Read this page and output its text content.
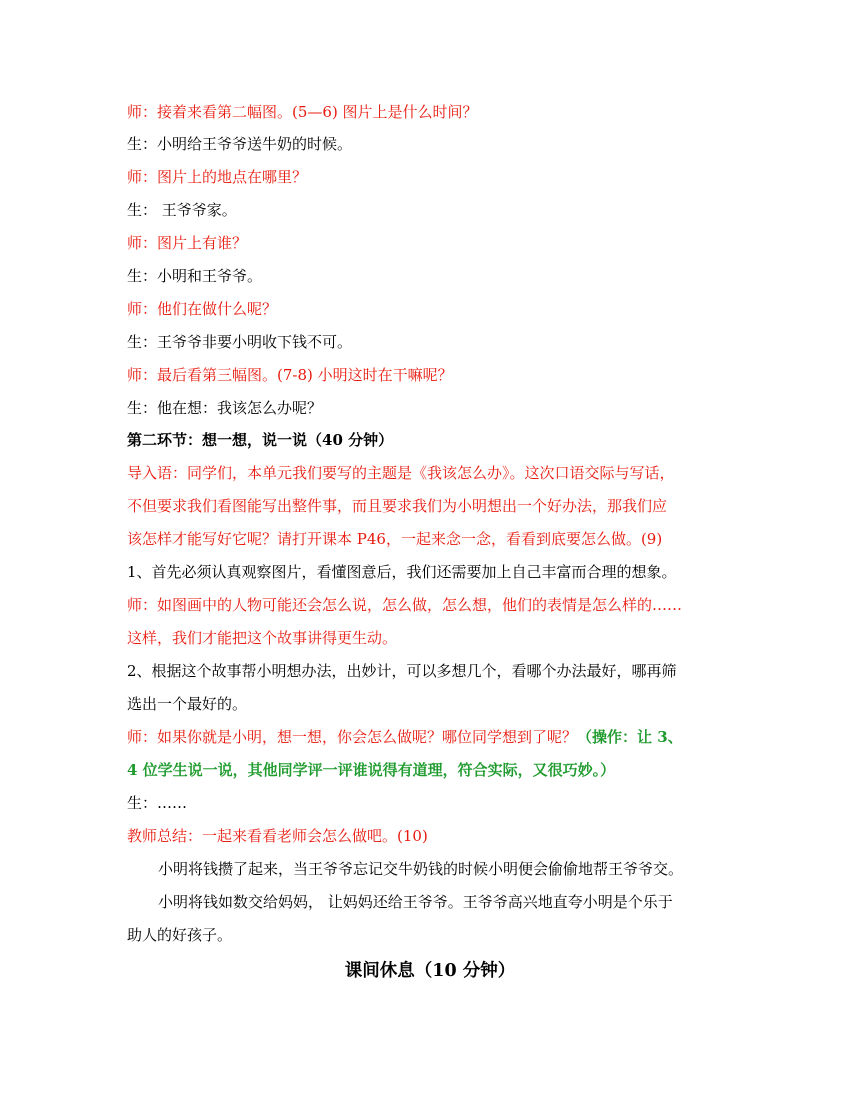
师：接着来看第二幅图。(5—6) 图片上是什么时间？
生：小明给王爷爷送牛奶的时候。
师：图片上的地点在哪里？
生： 王爷爷家。
师：图片上有谁？
生：小明和王爷爷。
师：他们在做什么呢？
生：王爷爷非要小明收下钱不可。
师：最后看第三幅图。(7-8) 小明这时在干嘛呢？
生：他在想：我该怎么办呢？
第二环节：想一想，说一说（40 分钟）
导入语：同学们，本单元我们要写的主题是《我该怎么办》。这次口语交际与写话，
不但要求我们看图能写出整件事，而且要求我们为小明想出一个好办法，那我们应
该怎样才能写好它呢？请打开课本 P46，一起来念一念，看看到底要怎么做。(9)
1、首先必须认真观察图片，看懂图意后，我们还需要加上自己丰富而合理的想象。
师：如图画中的人物可能还会怎么说，怎么做，怎么想，他们的表情是怎么样的……
这样，我们才能把这个故事讲得更生动。
2、根据这个故事帮小明想办法，出妙计，可以多想几个，看哪个办法最好，哪再筛
选出一个最好的。
师：如果你就是小明，想一想，你会怎么做呢？哪位同学想到了呢？（操作：让 3、
4 位学生说一说，其他同学评一评谁说得有道理，符合实际，又很巧妙。）
生：……
教师总结：一起来看看老师会怎么做吧。(10)
小明将钱攒了起来，当王爷爷忘记交牛奶钱的时候小明便会偷偷地帮王爷爷交。
小明将钱如数交给妈妈， 让妈妈还给王爷爷。王爷爷高兴地直夸小明是个乐于
助人的好孩子。
课间休息（10 分钟）
